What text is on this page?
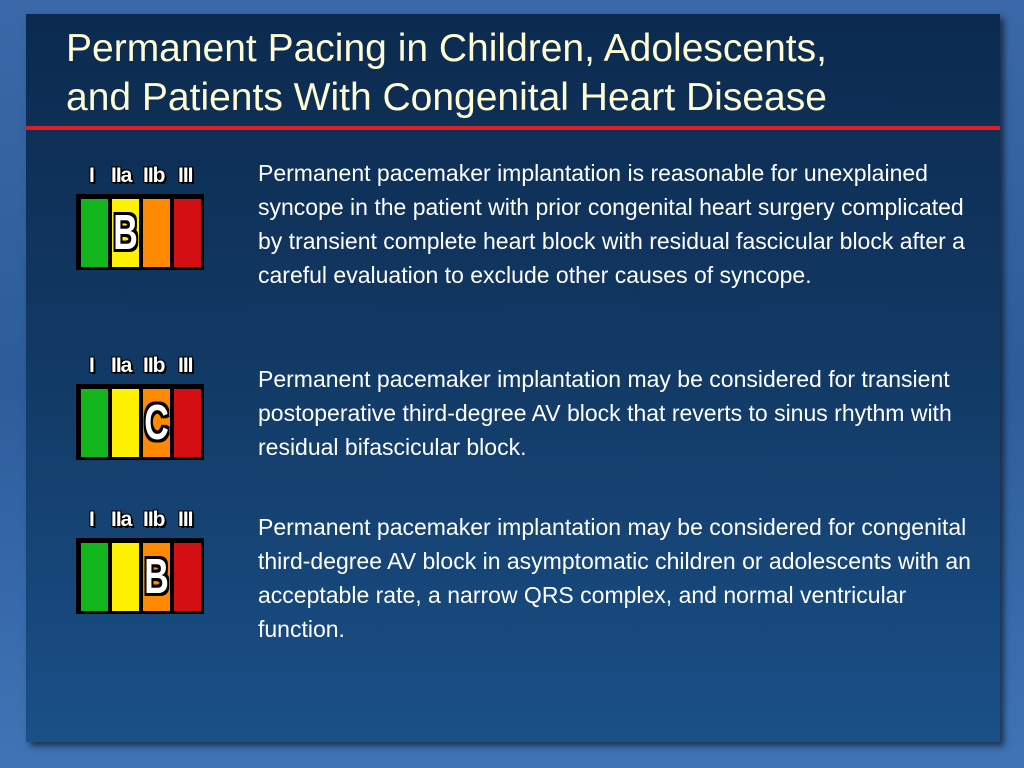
Permanent Pacing in Children, Adolescents,
and Patients With Congenital Heart Disease
I IIa IIb III
B

Permanent pacemaker implantation is reasonable for unexplained syncope in the patient with prior congenital heart surgery complicated by transient complete heart block with residual fascicular block after a careful evaluation to exclude other causes of syncope.

I IIa IIb III
C

Permanent pacemaker implantation may be considered for transient postoperative third-degree AV block that reverts to sinus rhythm with residual bifascicular block.

I IIa IIb III
B

Permanent pacemaker implantation may be considered for congenital third-degree AV block in asymptomatic children or adolescents with an acceptable rate, a narrow QRS complex, and normal ventricular function.
